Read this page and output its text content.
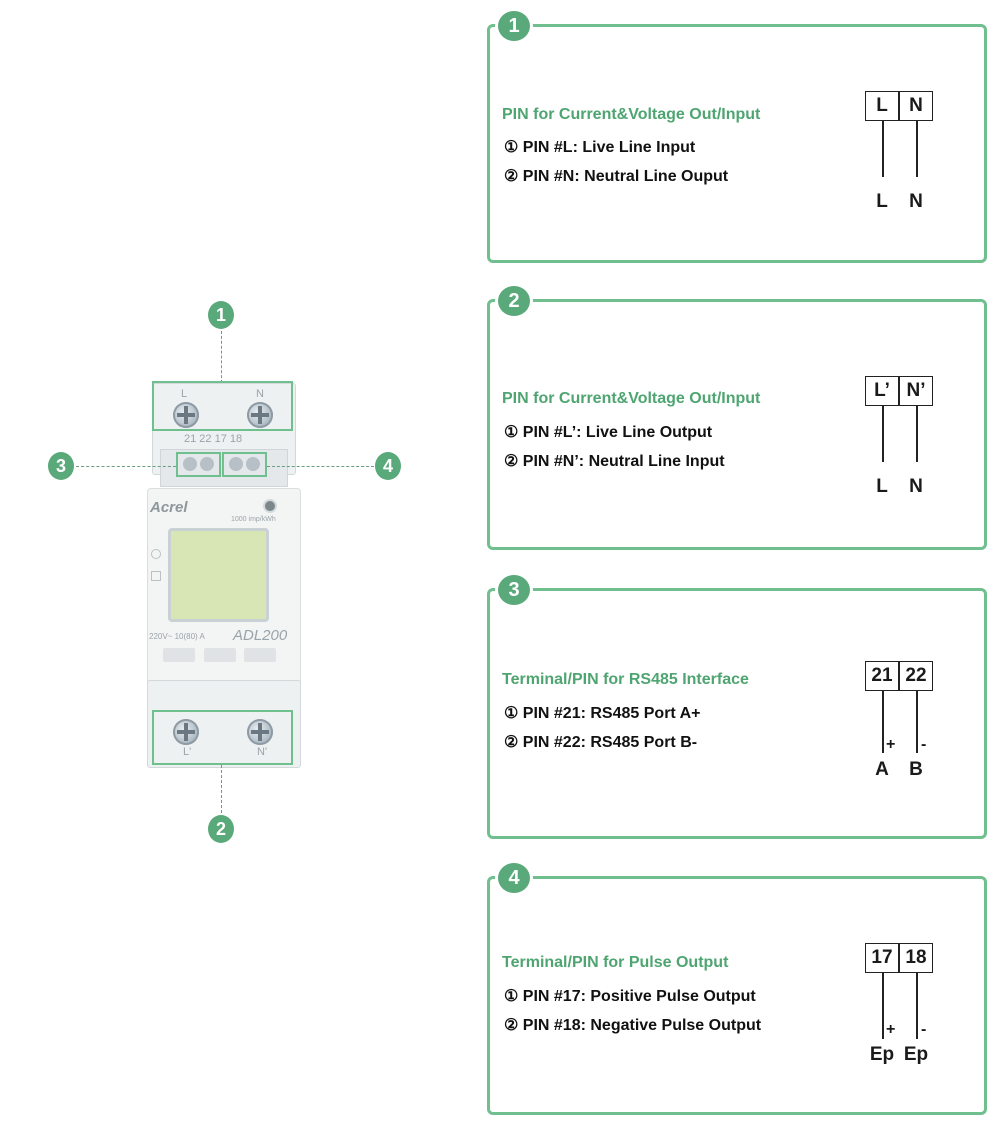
1
L	N
21 22 17 18
3	4
Acrel
1000 imp/kWh
220V~ 10(80) A ADL200
L'	N'
2
1
PIN for Current&Voltage Out/Input
① PIN #L: Live Line Input
② PIN #N: Neutral Line Ouput
L	N
L	N
2
PIN for Current&Voltage Out/Input
① PIN #L’: Live Line Output
② PIN #N’: Neutral Line Input
L’ N’
L	N
3
Terminal/PIN for RS485 Interface
① PIN #21: RS485 Port A+
② PIN #22: RS485 Port B-
21 22
+ -
A	B
4
Terminal/PIN for Pulse Output
① PIN #17: Positive Pulse Output
② PIN #18: Negative Pulse Output
17 18
+ -
Ep Ep
